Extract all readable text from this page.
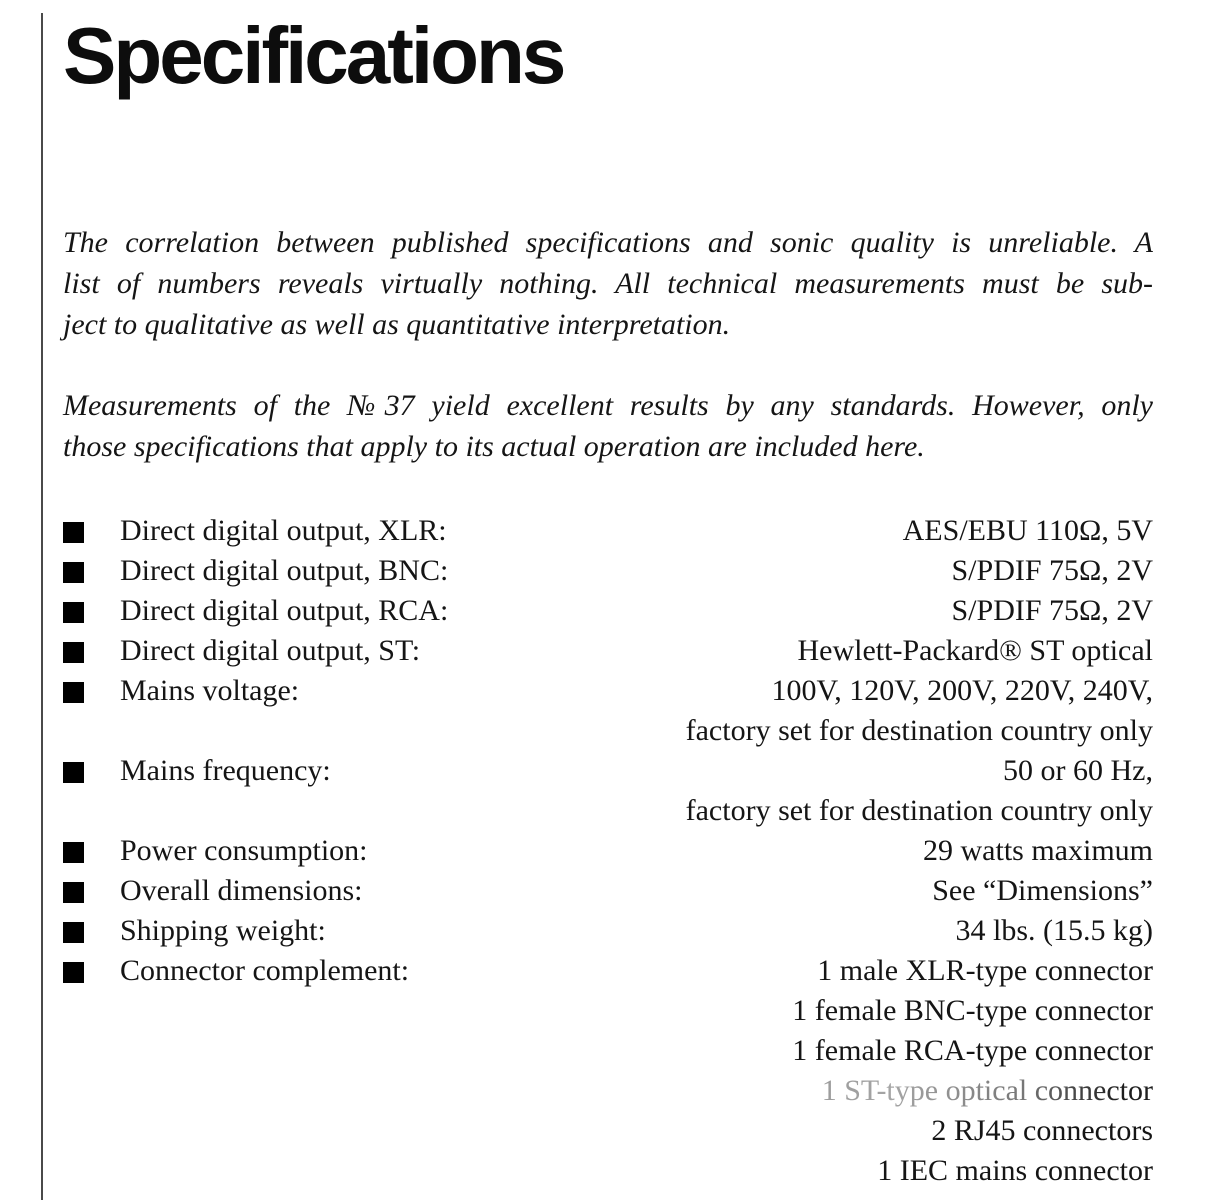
Specifications

The correlation between published specifications and sonic quality is unreliable. A
list of numbers reveals virtually nothing. All technical measurements must be sub-
ject to qualitative as well as quantitative interpretation.

Measurements of the №37 yield excellent results by any standards. However, only
those specifications that apply to its actual operation are included here.

Direct digital output, XLR:	AES/EBU 110Ω, 5V
Direct digital output, BNC:	S/PDIF 75Ω, 2V
Direct digital output, RCA:	S/PDIF 75Ω, 2V
Direct digital output, ST:	Hewlett-Packard® ST optical
Mains voltage:	100V, 120V, 200V, 220V, 240V,
factory set for destination country only
Mains frequency:	50 or 60 Hz,
factory set for destination country only
Power consumption:	29 watts maximum
Overall dimensions:	See “Dimensions”
Shipping weight:	34 lbs. (15.5 kg)
Connector complement:	1 male XLR-type connector
1 female BNC-type connector
1 female RCA-type connector
1 ST-type optical connector
2 RJ45 connectors
1 IEC mains connector
